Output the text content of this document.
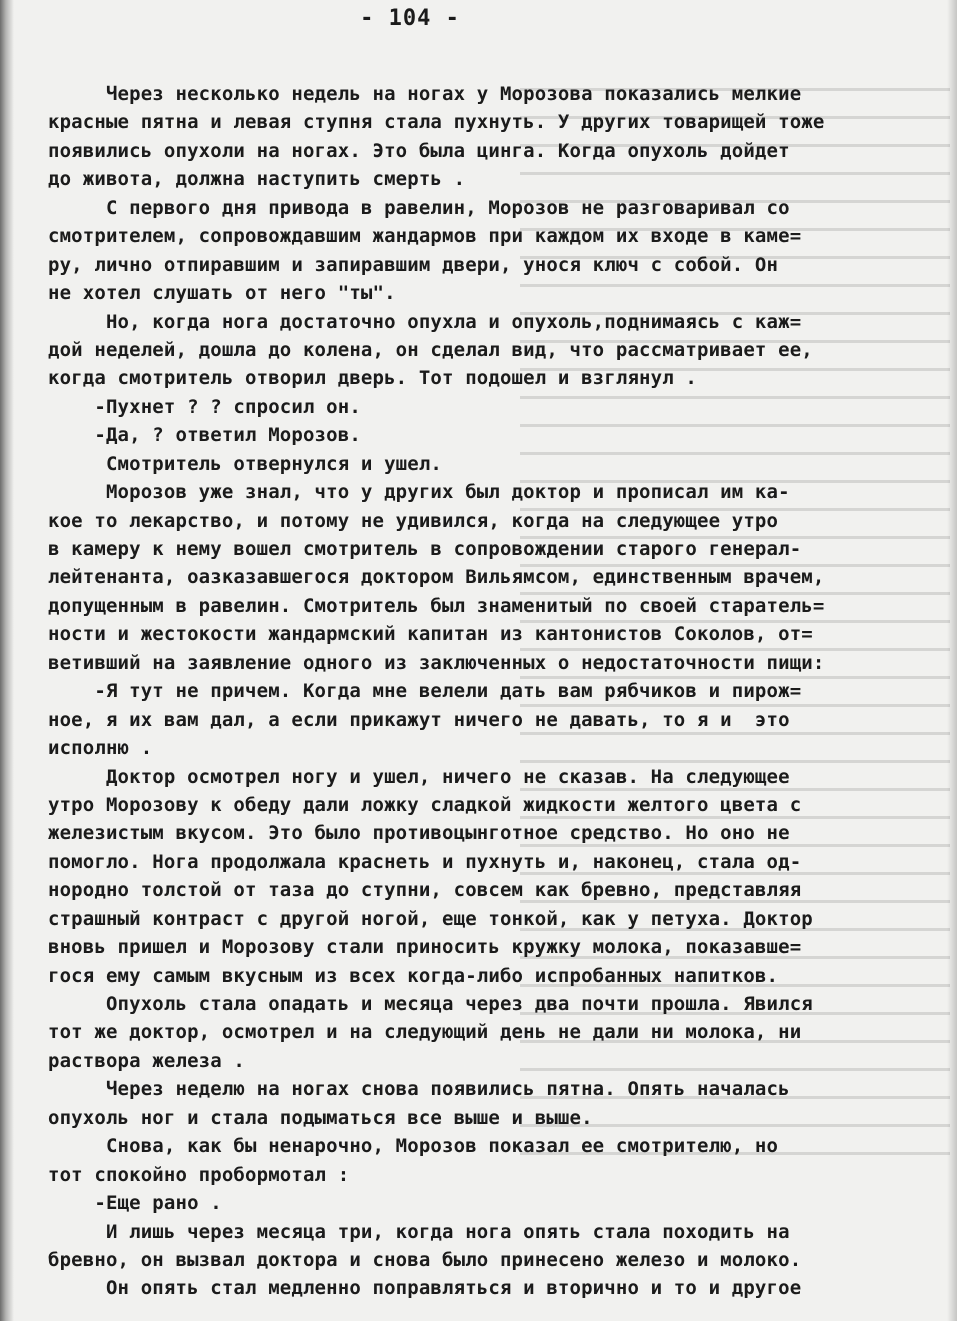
- 104 -
Через несколько недель на ногах у Морозова показались мелкие
красные пятна и левая ступня стала пухнуть. У других товарищей тоже
появились опухоли на ногах. Это была цинга. Когда опухоль дойдет
до живота, должна наступить смерть .
С первого дня привода в равелин, Морозов не разговаривал со
смотрителем, сопровождавшим жандармов при каждом их входе в каме=
ру, лично отпиравшим и запиравшим двери, унося ключ с собой. Он
не хотел слушать от него "ты".
Но, когда нога достаточно опухла и опухоль,поднимаясь с каж=
дой неделей, дошла до колена, он сделал вид, что рассматривает ее,
когда смотритель отворил дверь. Тот подошел и взглянул .
-Пухнет ? ? спросил он.
-Да, ? ответил Морозов.
Смотритель отвернулся и ушел.
Морозов уже знал, что у других был доктор и прописал им ка-
кое то лекарство, и потому не удивился, когда на следующее утро
в камеру к нему вошел смотритель в сопровождении старого генерал-
лейтенанта, оазказавшегося доктором Вильямсом, единственным врачем,
допущенным в равелин. Смотритель был знаменитый по своей старатель=
ности и жестокости жандармский капитан из кантонистов Соколов, от=
ветивший на заявление одного из заключенных о недостаточности пищи:
-Я тут не причем. Когда мне велели дать вам рябчиков и пирож=
ное, я их вам дал, а если прикажут ничего не давать, то я и  это
исполню .
Доктор осмотрел ногу и ушел, ничего не сказав. На следующее
утро Морозову к обеду дали ложку сладкой жидкости желтого цвета с
железистым вкусом. Это было противоцынготное средство. Но оно не
помогло. Нога продолжала краснеть и пухнуть и, наконец, стала од-
нородно толстой от таза до ступни, совсем как бревно, представляя
страшный контраст с другой ногой, еще тонкой, как у петуха. Доктор
вновь пришел и Морозову стали приносить кружку молока, показавше=
гося ему самым вкусным из всех когда-либо испробанных напитков.
Опухоль стала опадать и месяца через два почти прошла. Явился
тот же доктор, осмотрел и на следующий день не дали ни молока, ни
раствора железа .
Через неделю на ногах снова появились пятна. Опять началась
опухоль ног и стала подыматься все выше и выше.
Снова, как бы ненарочно, Морозов показал ее смотрителю, но
тот спокойно пробормотал :
-Еще рано .
И лишь через месяца три, когда нога опять стала походить на
бревно, он вызвал доктора и снова было принесено железо и молоко.
Он опять стал медленно поправляться и вторично и то и другое
